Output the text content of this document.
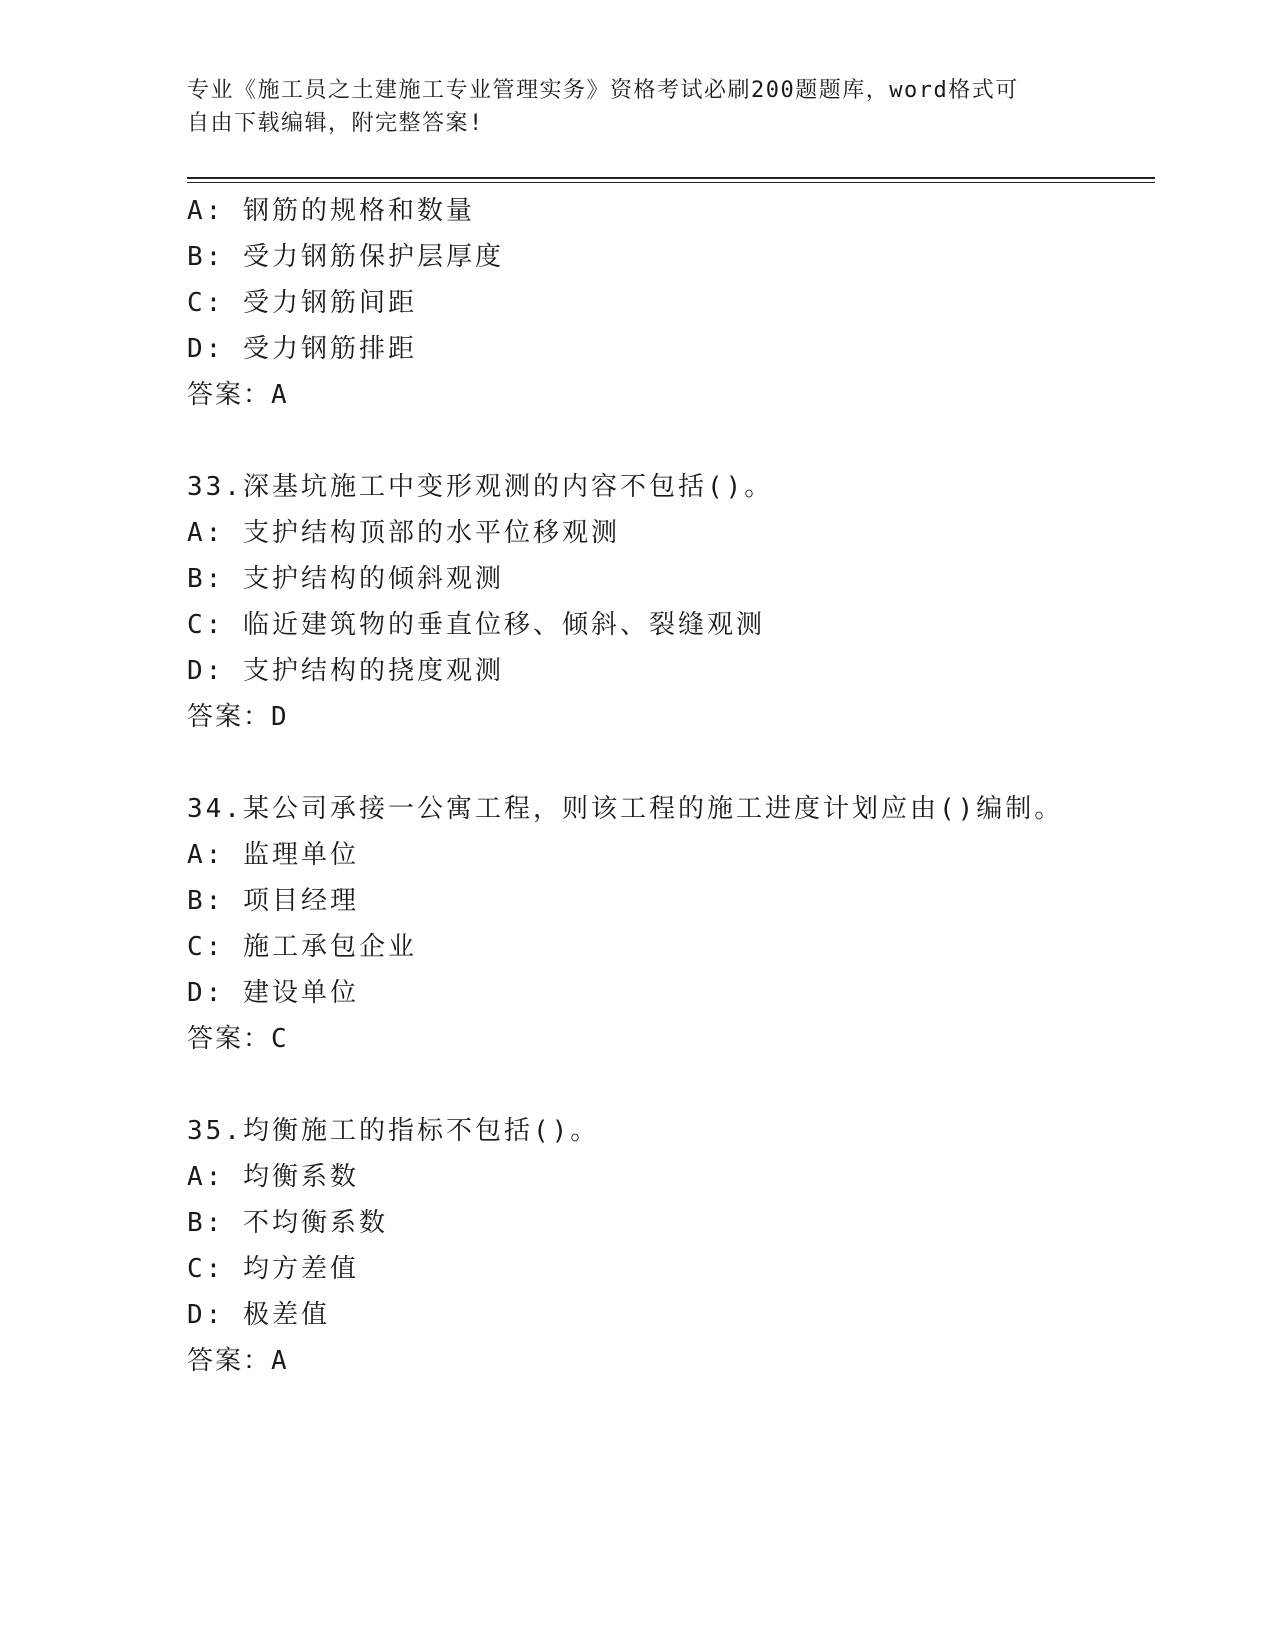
专业《施工员之土建施工专业管理实务》资格考试必刷200题题库，word格式可
自由下载编辑，附完整答案!
A: 钢筋的规格和数量
B: 受力钢筋保护层厚度
C: 受力钢筋间距
D: 受力钢筋排距
答案：A
33.深基坑施工中变形观测的内容不包括()。
A: 支护结构顶部的水平位移观测
B: 支护结构的倾斜观测
C: 临近建筑物的垂直位移、倾斜、裂缝观测
D: 支护结构的挠度观测
答案：D
34.某公司承接一公寓工程，则该工程的施工进度计划应由()编制。
A: 监理单位
B: 项目经理
C: 施工承包企业
D: 建设单位
答案：C
35.均衡施工的指标不包括()。
A: 均衡系数
B: 不均衡系数
C: 均方差值
D: 极差值
答案：A
